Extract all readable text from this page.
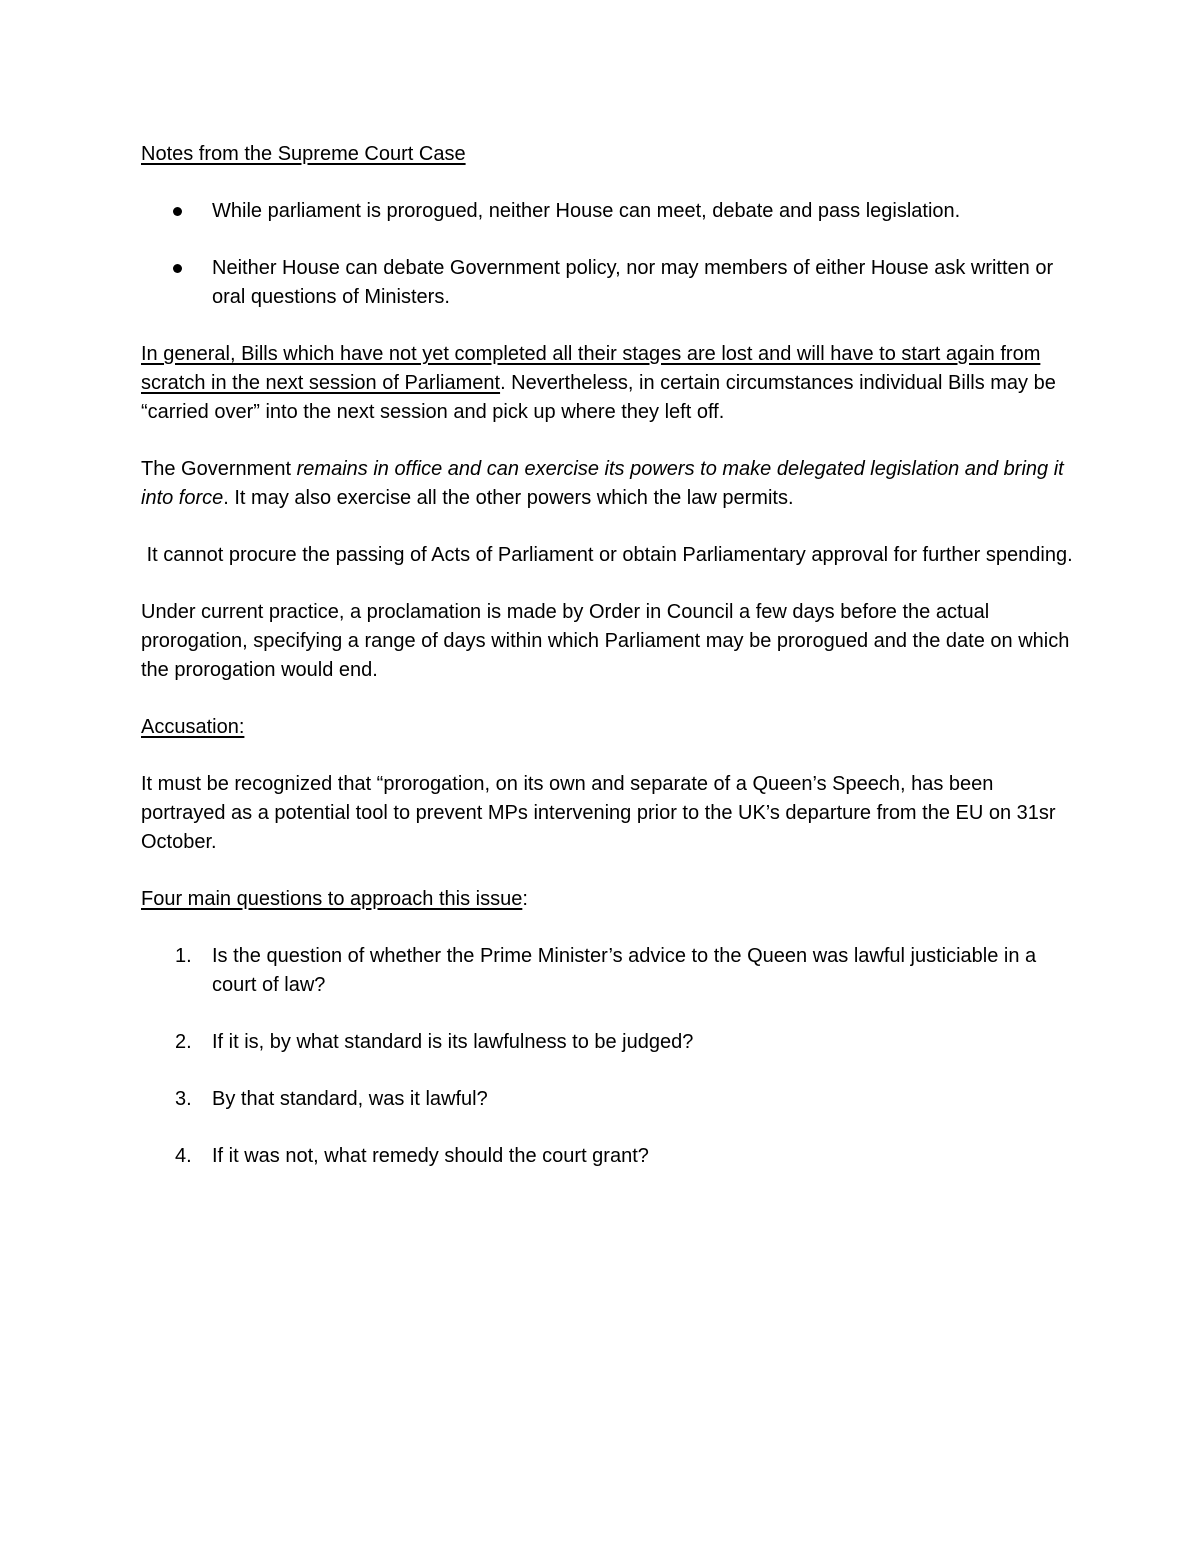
Notes from the Supreme Court Case

While parliament is prorogued, neither House can meet, debate and pass legislation.
Neither House can debate Government policy, nor may members of either House ask written or oral questions of Ministers.

In general, Bills which have not yet completed all their stages are lost and will have to start again from scratch in the next session of Parliament. Nevertheless, in certain circumstances individual Bills may be “carried over” into the next session and pick up where they left off.

The Government remains in office and can exercise its powers to make delegated legislation and bring it into force. It may also exercise all the other powers which the law permits.

It cannot procure the passing of Acts of Parliament or obtain Parliamentary approval for further spending.

Under current practice, a proclamation is made by Order in Council a few days before the actual prorogation, specifying a range of days within which Parliament may be prorogued and the date on which the prorogation would end.

Accusation:

It must be recognized that “prorogation, on its own and separate of a Queen’s Speech, has been portrayed as a potential tool to prevent MPs intervening prior to the UK’s departure from the EU on 31sr October.

Four main questions to approach this issue:

1. Is the question of whether the Prime Minister’s advice to the Queen was lawful justiciable in a court of law?
2. If it is, by what standard is its lawfulness to be judged?
3. By that standard, was it lawful?
4. If it was not, what remedy should the court grant?
